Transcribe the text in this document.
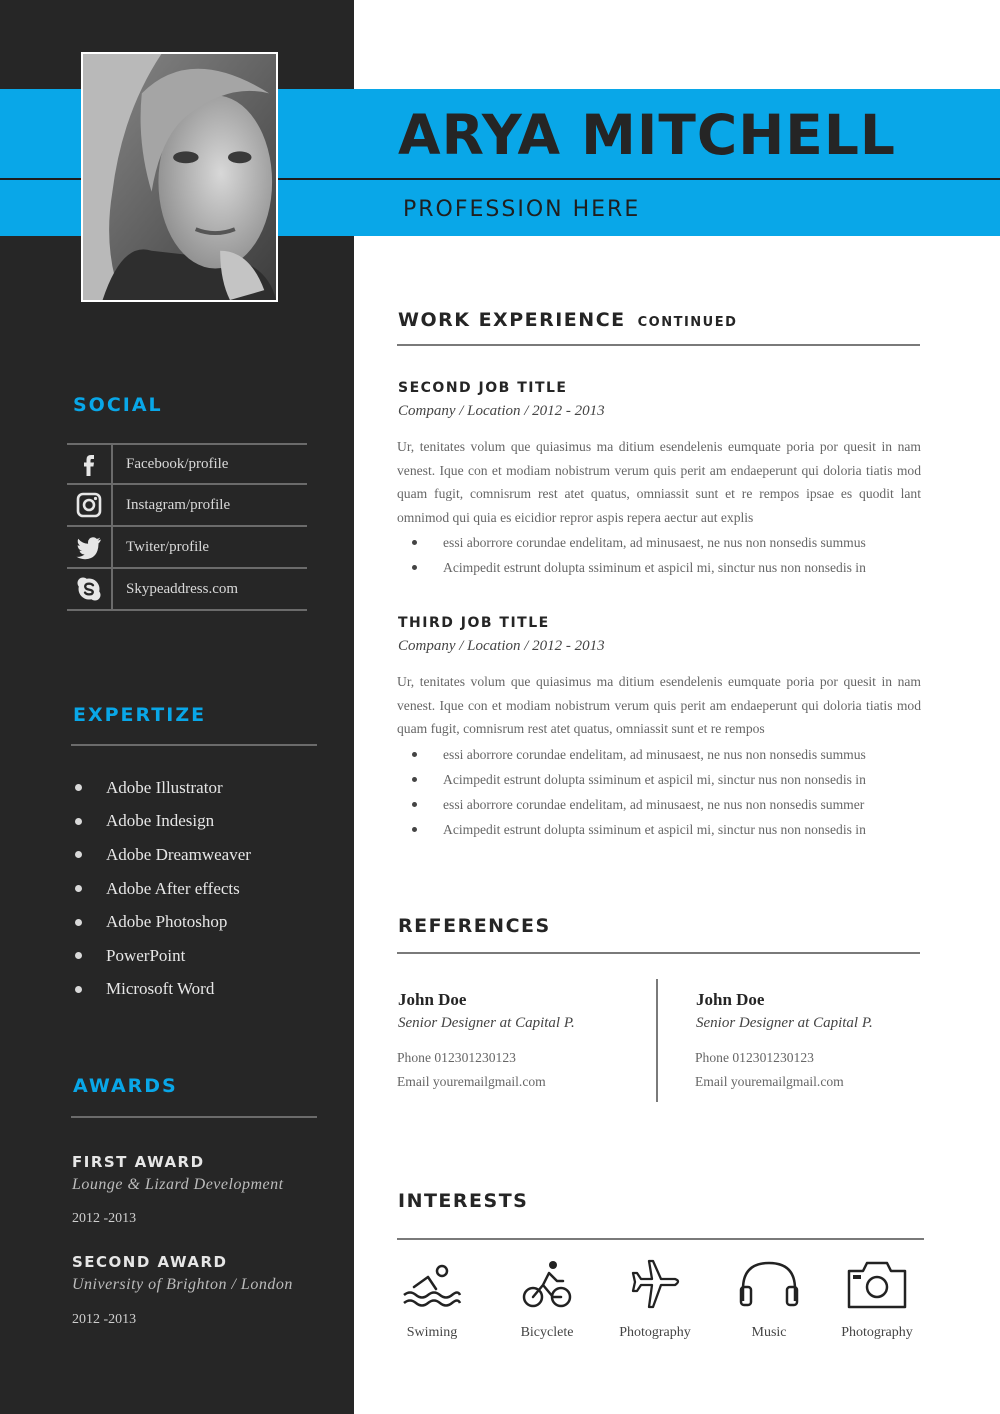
ARYA MITCHELL
PROFESSION HERE
SOCIAL
Facebook/profile
Instagram/profile
Twiter/profile
Skypeaddress.com
EXPERTIZE
Adobe Illustrator
Adobe Indesign
Adobe Dreamweaver
Adobe After effects
Adobe Photoshop
PowerPoint
Microsoft Word
AWARDS
FIRST AWARD
Lounge & Lizard Development
2012 -2013
SECOND AWARD
University of Brighton / London
2012 -2013
WORK EXPERIENCE CONTINUED
SECOND JOB TITLE
Company / Location / 2012 - 2013
Ur, tenitates volum que quiasimus ma ditium esendelenis eumquate poria por quesit in nam venest. Ique con et modiam nobistrum verum quis perit am endaeperunt qui doloria tiatis mod quam fugit, comnisrum rest atet quatus, omniassit sunt et re rempos ipsae es quodit lant omnimod qui quia es eicidior repror aspis repera aectur aut explis
essi aborrore corundae endelitam, ad minusaest, ne nus non nonsedis summus
Acimpedit estrunt dolupta ssiminum et aspicil mi, sinctur nus non nonsedis in
THIRD JOB TITLE
Company / Location / 2012 - 2013
Ur, tenitates volum que quiasimus ma ditium esendelenis eumquate poria por quesit in nam venest. Ique con et modiam nobistrum verum quis perit am endaeperunt qui doloria tiatis mod quam fugit, comnisrum rest atet quatus, omniassit sunt et re rempos
essi aborrore corundae endelitam, ad minusaest, ne nus non nonsedis summus
Acimpedit estrunt dolupta ssiminum et aspicil mi, sinctur nus non nonsedis in
essi aborrore corundae endelitam, ad minusaest, ne nus non nonsedis summer
Acimpedit estrunt dolupta ssiminum et aspicil mi, sinctur nus non nonsedis in
REFERENCES
John Doe
Senior Designer at Capital P.
Phone 012301230123
Email youremailgmail.com
John Doe
Senior Designer at Capital P.
Phone 012301230123
Email youremailgmail.com
INTERESTS
Swiming	Bicyclete	Photography	Music	Photography
